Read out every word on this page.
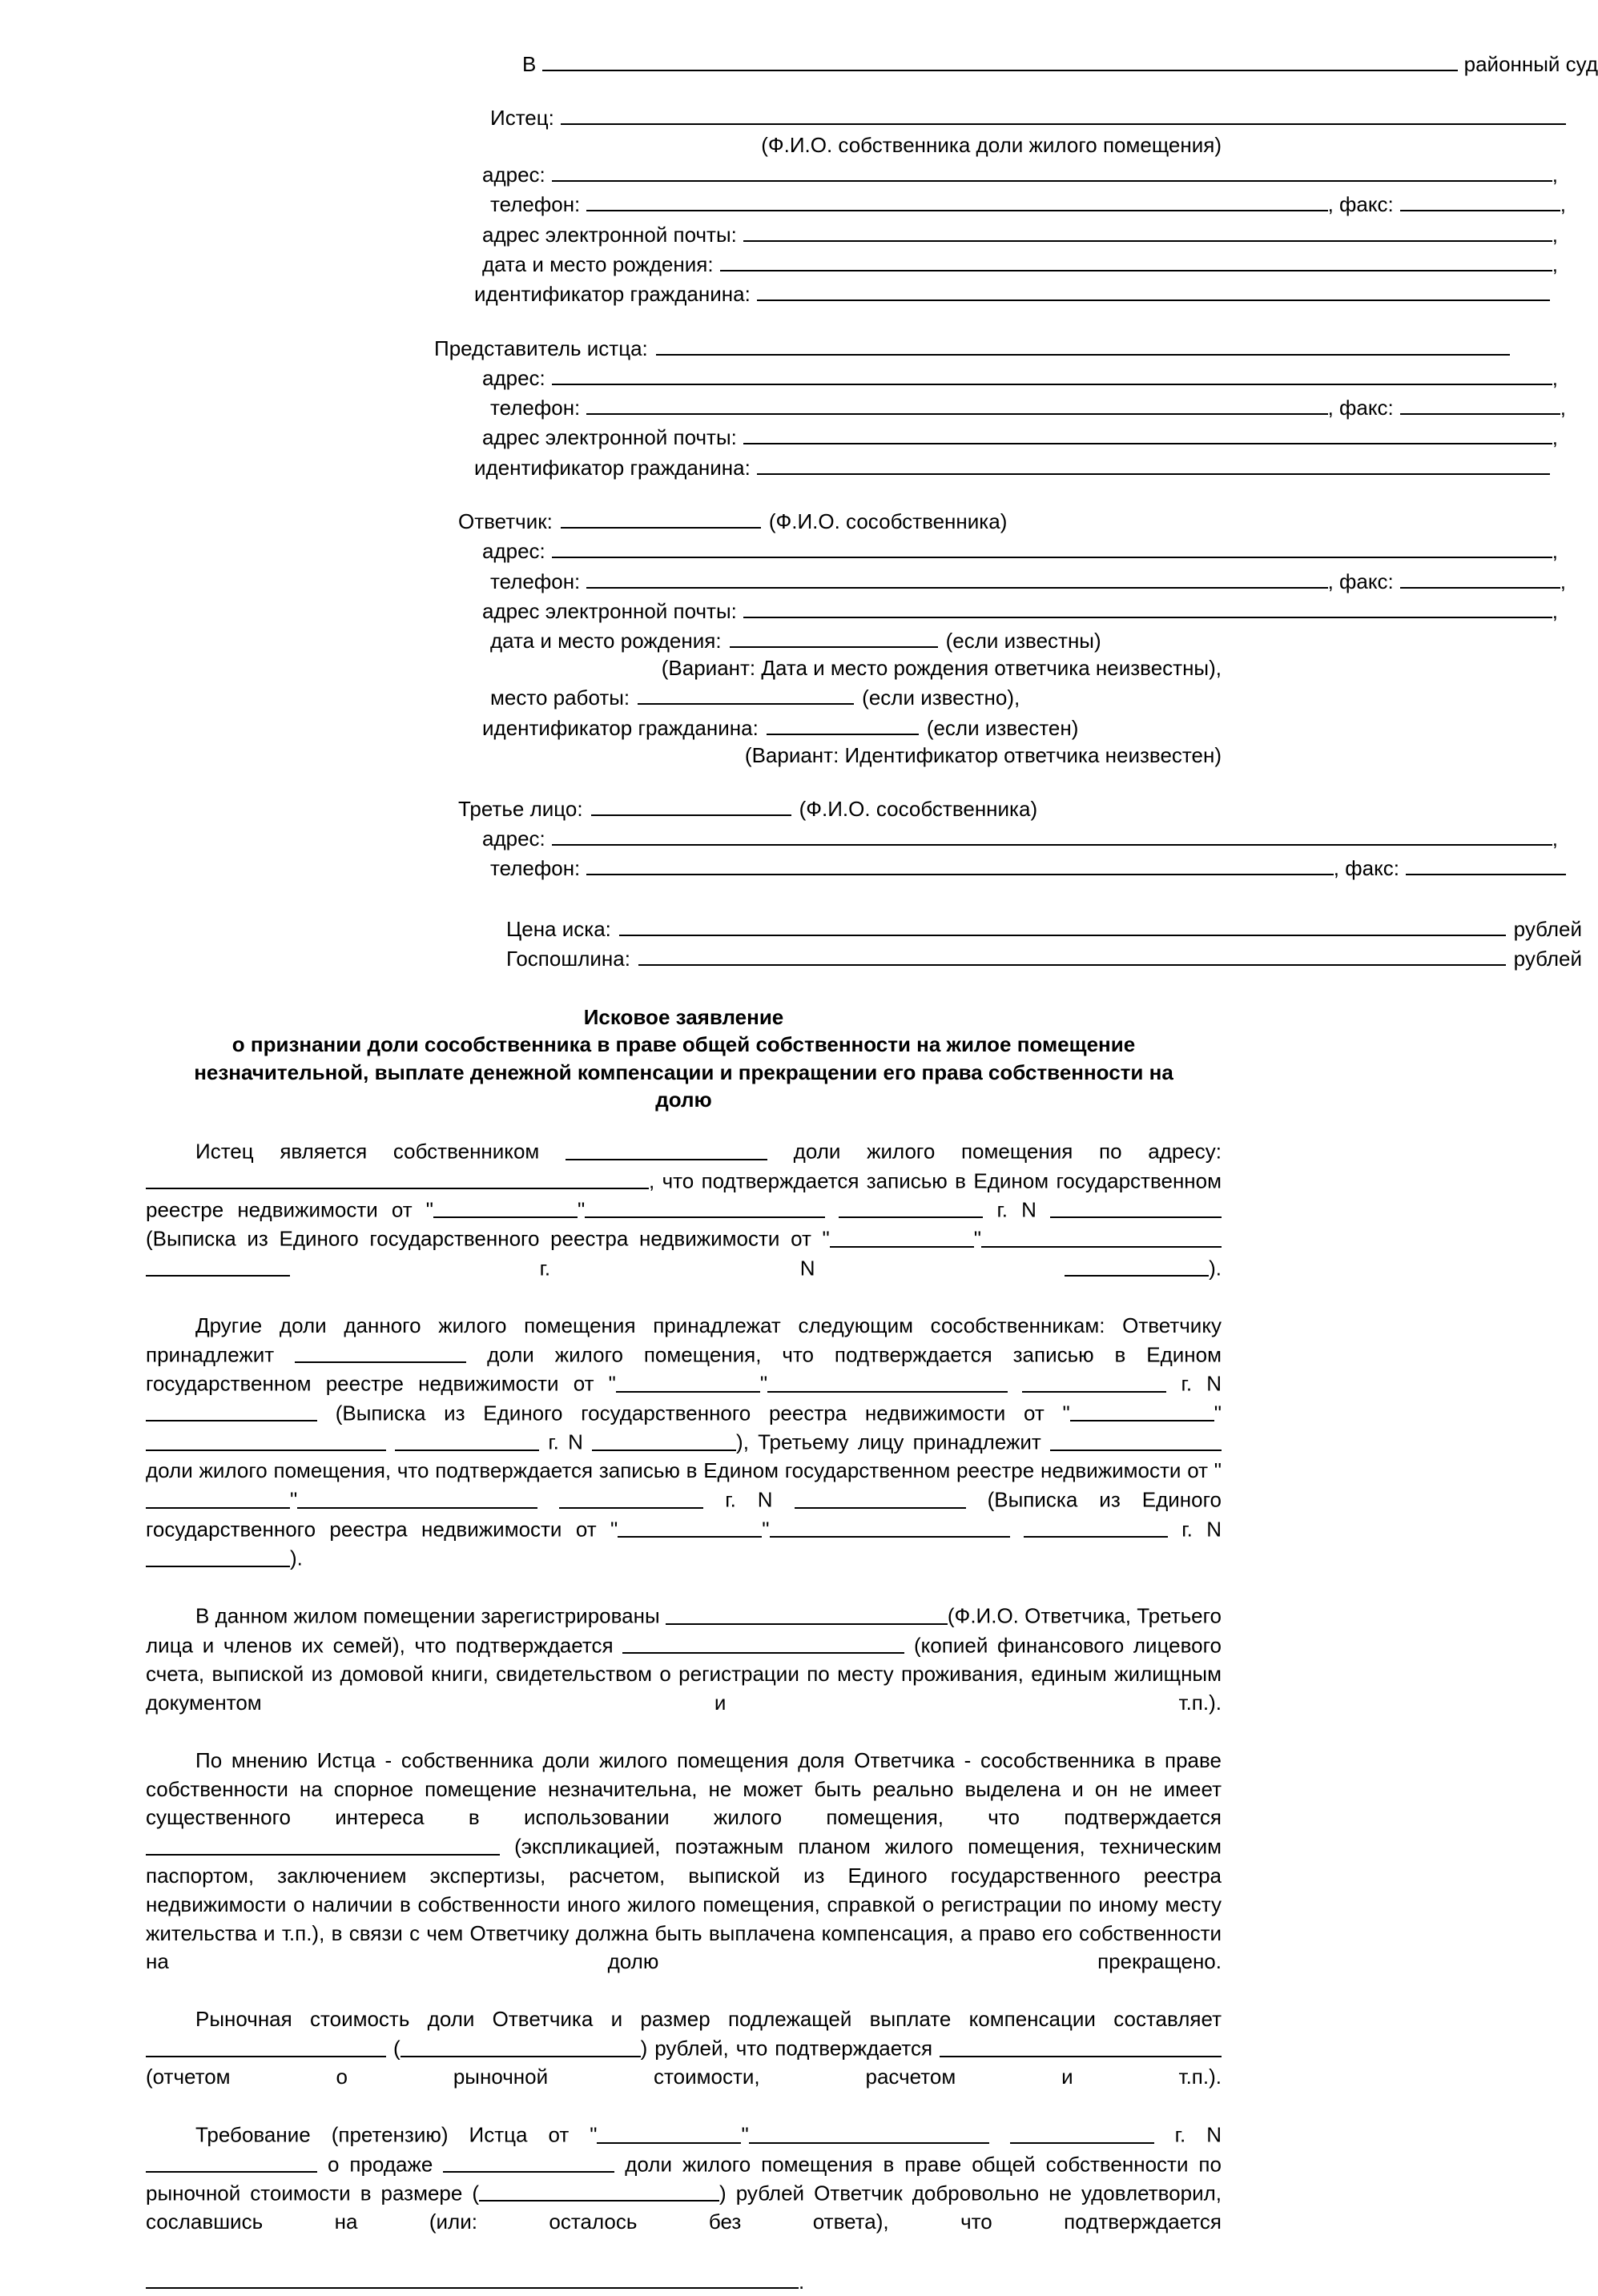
В	районный суд
Истец:
(Ф.И.О. собственника доли жилого помещения)
адрес:	,
телефон:	, факс:	,
адрес электронной почты:	,
дата и место рождения:	,
идентификатор гражданина:
Представитель истца:
адрес:	,
телефон:	, факс:	,
адрес электронной почты:	,
идентификатор гражданина:
Ответчик:	(Ф.И.О. сособственника)
адрес:	,
телефон:	, факс:	,
адрес электронной почты:	,
дата и место рождения:	(если известны)
(Вариант: Дата и место рождения ответчика неизвестны),
место работы:	(если известно),
идентификатор гражданина:	(если известен)
(Вариант: Идентификатор ответчика неизвестен)
Третье лицо:	(Ф.И.О. сособственника)
адрес:	,
телефон:	, факс:
Цена иска:	рублей
Госпошлина:	рублей
Исковое заявление
о признании доли сособственника в праве общей собственности на жилое помещение
незначительной, выплате денежной компенсации и прекращении его права собственности на
долю

Истец является собственником	доли жилого помещения по адресу: , что подтверждается записью в Едином государственном реестре недвижимости от "	"	г. N  (Выписка из Единого государственного реестра недвижимости от "	"  г. N	).

Другие доли данного жилого помещения принадлежат следующим сособственникам: Ответчику принадлежит	доли жилого помещения, что подтверждается записью в Едином государственном реестре недвижимости от "	"	г. N  (Выписка из Единого государственного реестра недвижимости от "	"  г. N	), Третьему лицу принадлежит  доли жилого помещения, что подтверждается записью в Едином государственном реестре недвижимости от ""	г. N	(Выписка из Единого государственного реестра недвижимости от "	"	г. N ).

В данном жилом помещении зарегистрированы	(Ф.И.О. Ответчика, Третьего лица и членов их семей), что подтверждается	(копией финансового лицевого счета, выпиской из домовой книги, свидетельством о регистрации по месту проживания, единым жилищным документом и т.п.).

По мнению Истца - собственника доли жилого помещения доля Ответчика - сособственника в праве собственности на спорное помещение незначительна, не может быть реально выделена и он не имеет существенного интереса в использовании жилого помещения, что подтверждается  (экспликацией, поэтажным планом жилого помещения, техническим паспортом, заключением экспертизы, расчетом, выпиской из Единого государственного реестра недвижимости о наличии в собственности иного жилого помещения, справкой о регистрации по иному месту жительства и т.п.), в связи с чем Ответчику должна быть выплачена компенсация, а право его собственности на долю прекращено.

Рыночная стоимость доли Ответчика и размер подлежащей выплате компенсации составляет  (	) рублей, что подтверждается  (отчетом о рыночной стоимости, расчетом и т.п.).

Требование (претензию) Истца от "	"	г. N  о продаже	доли жилого помещения в праве общей собственности по рыночной стоимости в размере (	) рублей Ответчик добровольно не удовлетворил, сославшись на	(или: осталось без ответа), что подтверждается

.
